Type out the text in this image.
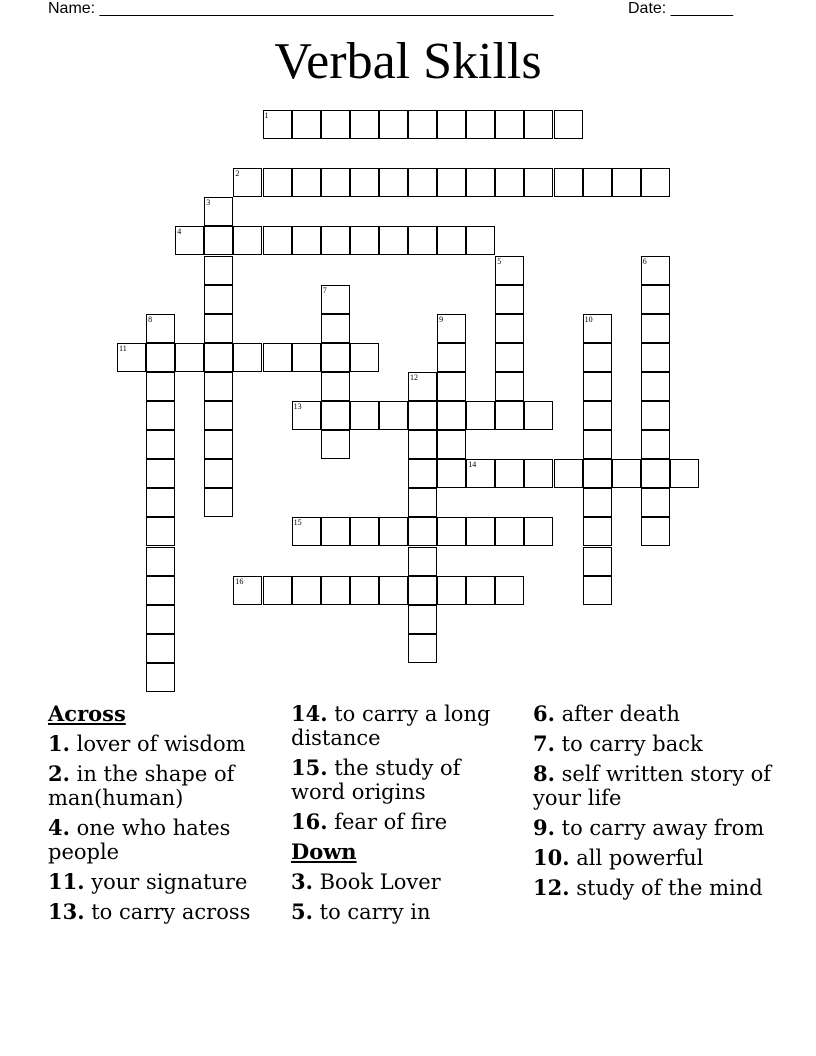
Name: ___________________________________________________	Date: _______
Verbal Skills
1
2
3
4
5	6
7
8	9	10
11
12
13
14
15
16
Across
1. lover of wisdom
2. in the shape of man(human)
4. one who hates people
11. your signature
13. to carry across
14. to carry a long distance
15. the study of word origins
16. fear of fire
Down
3. Book Lover
5. to carry in
6. after death
7. to carry back
8. self written story of your life
9. to carry away from
10. all powerful
12. study of the mind
